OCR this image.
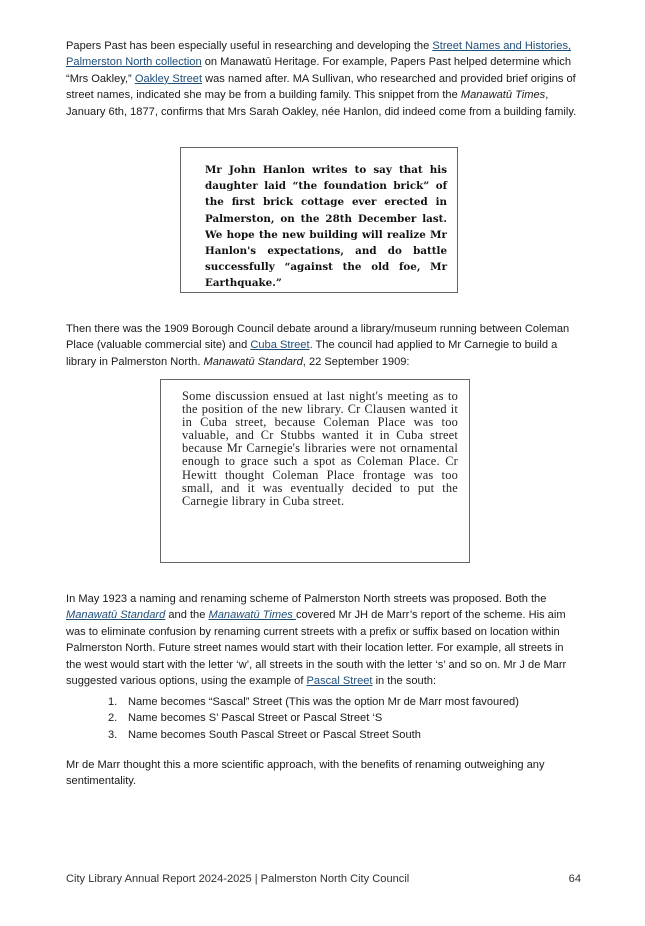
Papers Past has been especially useful in researching and developing the Street Names and Histories, Palmerston North collection on Manawatū Heritage. For example, Papers Past helped determine which “Mrs Oakley,” Oakley Street was named after. MA Sullivan, who researched and provided brief origins of street names, indicated she may be from a building family. This snippet from the Manawatū Times, January 6th, 1877, confirms that Mrs Sarah Oakley, née Hanlon, did indeed come from a building family.

Mr John Hanlon writes to say that his daughter laid “the foundation brick” of the first brick cottage ever erected in Palmerston, on the 28th December last. We hope the new building will realize Mr Hanlon's expectations, and do battle successfully “against the old foe, Mr Earthquake.”

Then there was the 1909 Borough Council debate around a library/museum running between Coleman Place (valuable commercial site) and Cuba Street. The council had applied to Mr Carnegie to build a library in Palmerston North. Manawatū Standard, 22 September 1909:

Some discussion ensued at last night's meeting as to the position of the new library. Cr Clausen wanted it in Cuba street, because Coleman Place was too valuable, and Cr Stubbs wanted it in Cuba street because Mr Carnegie's libraries were not ornamental enough to grace such a spot as Coleman Place. Cr Hewitt thought Coleman Place frontage was too small, and it was eventually decided to put the Carnegie library in Cuba street.

In May 1923 a naming and renaming scheme of Palmerston North streets was proposed. Both the Manawatū Standard and the Manawatū Times covered Mr JH de Marr’s report of the scheme. His aim was to eliminate confusion by renaming current streets with a prefix or suffix based on location within Palmerston North. Future street names would start with their location letter. For example, all streets in the west would start with the letter ‘w’, all streets in the south with the letter ‘s’ and so on. Mr J de Marr suggested various options, using the example of Pascal Street in the south:

1. Name becomes “Sascal” Street (This was the option Mr de Marr most favoured)
2. Name becomes S’ Pascal Street or Pascal Street ‘S
3. Name becomes South Pascal Street or Pascal Street South

Mr de Marr thought this a more scientific approach, with the benefits of renaming outweighing any sentimentality.

City Library Annual Report 2024-2025 | Palmerston North City Council	64
